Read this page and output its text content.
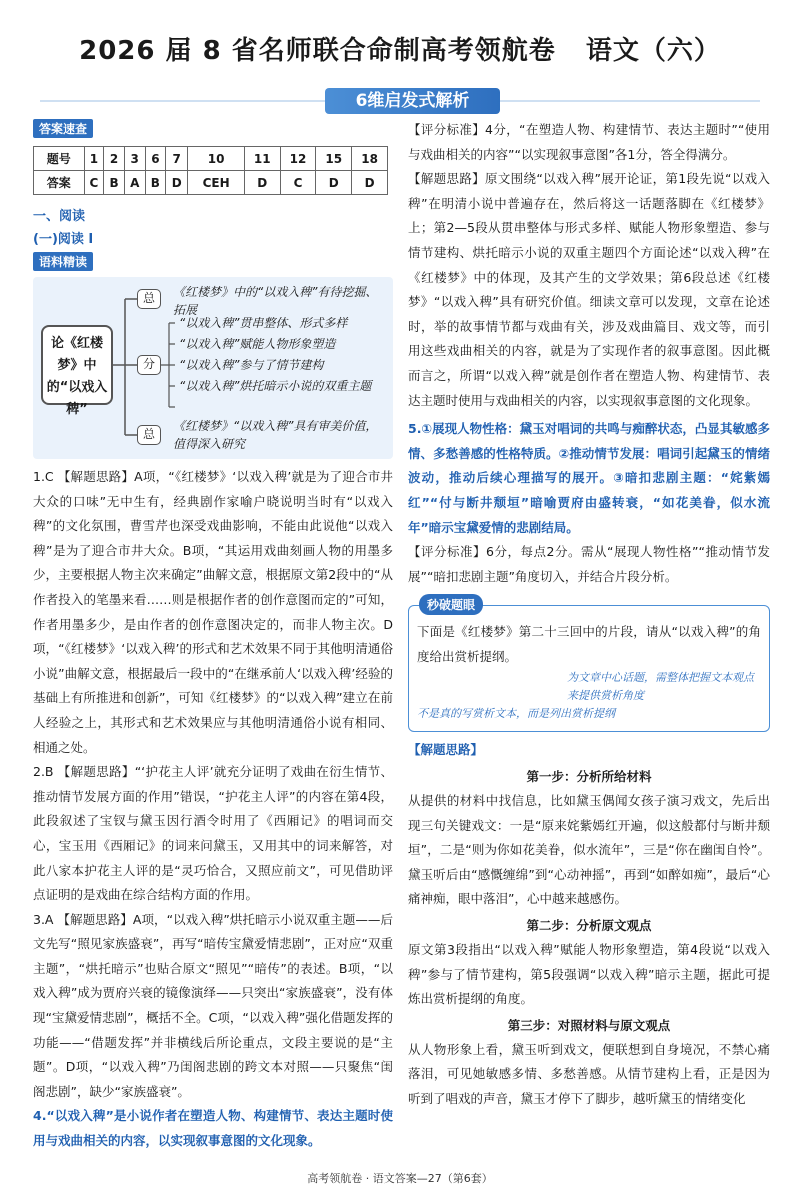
2026 届 8 省名师联合命制高考领航卷   语文（六）
6维启发式解析
答案速查
题号	1	2	3	6	7	10	11	12	15	18
答案	C	B	A	B	D	CEH	D	C	D	D
一、阅读
(一)阅读 I
语料精读
论《红楼梦》中的“以戏入稗”
总
分
总
《红楼梦》中的“以戏入稗”有待挖掘、拓展
“以戏入稗”贯串整体、形式多样
“以戏入稗”赋能人物形象塑造
“以戏入稗”参与了情节建构
“以戏入稗”烘托暗示小说的双重主题
《红楼梦》“以戏入稗”具有审美价值，值得深入研究
1.C 【解题思路】A项，“《红楼梦》‘以戏入稗’就是为了迎合市井大众的口味”无中生有，经典剧作家喻户晓说明当时有“以戏入稗”的文化氛围，曹雪芹也深受戏曲影响，不能由此说他“以戏入稗”是为了迎合市井大众。B项，“其运用戏曲刻画人物的用墨多少，主要根据人物主次来确定”曲解文意，根据原文第2段中的“从作者投入的笔墨来看……则是根据作者的创作意图而定的”可知，作者用墨多少，是由作者的创作意图决定的，而非人物主次。D项，“《红楼梦》‘以戏入稗’的形式和艺术效果不同于其他明清通俗小说”曲解文意，根据最后一段中的“在继承前人‘以戏入稗’经验的基础上有所推进和创新”，可知《红楼梦》的“以戏入稗”建立在前人经验之上，其形式和艺术效果应与其他明清通俗小说有相同、相通之处。
2.B 【解题思路】“‘护花主人评’就充分证明了戏曲在衍生情节、推动情节发展方面的作用”错误，“护花主人评”的内容在第4段，此段叙述了宝钗与黛玉因行酒令时用了《西厢记》的唱词而交心，宝玉用《西厢记》的词来问黛玉，又用其中的词来解答，对此八家本护花主人评的是“灵巧恰合，又照应前文”，可见借助评点证明的是戏曲在综合结构方面的作用。
3.A 【解题思路】A项，“以戏入稗”烘托暗示小说双重主题——后文先写“照见家族盛衰”，再写“暗传宝黛爱情悲剧”，正对应“双重主题”，“烘托暗示”也贴合原文“照见”“暗传”的表述。B项，“以戏入稗”成为贾府兴衰的镜像演绎——只突出“家族盛衰”，没有体现“宝黛爱情悲剧”，概括不全。C项，“以戏入稗”强化借题发挥的功能——“借题发挥”并非横线后所论重点，文段主要说的是“主题”。D项，“以戏入稗”乃闺阁悲剧的跨文本对照——只聚焦“闺阁悲剧”，缺少“家族盛衰”。
4.“以戏入稗”是小说作者在塑造人物、构建情节、表达主题时使用与戏曲相关的内容，以实现叙事意图的文化现象。
【评分标准】4分，“在塑造人物、构建情节、表达主题时”“使用与戏曲相关的内容”“以实现叙事意图”各1分，答全得满分。
【解题思路】原文围绕“以戏入稗”展开论证，第1段先说“以戏入稗”在明清小说中普遍存在，然后将这一话题落脚在《红楼梦》上；第2—5段从贯串整体与形式多样、赋能人物形象塑造、参与情节建构、烘托暗示小说的双重主题四个方面论述“以戏入稗”在《红楼梦》中的体现，及其产生的文学效果；第6段总述《红楼梦》“以戏入稗”具有研究价值。细读文章可以发现，文章在论述时，举的故事情节都与戏曲有关，涉及戏曲篇目、戏文等，而引用这些戏曲相关的内容，就是为了实现作者的叙事意图。因此概而言之，所谓“以戏入稗”就是创作者在塑造人物、构建情节、表达主题时使用与戏曲相关的内容，以实现叙事意图的文化现象。
5.①展现人物性格：黛玉对唱词的共鸣与痴醉状态，凸显其敏感多情、多愁善感的性格特质。②推动情节发展：唱词引起黛玉的情绪波动，推动后续心理描写的展开。③暗扣悲剧主题：“姹紫嫣红”“付与断井颓垣”暗喻贾府由盛转衰，“如花美眷，似水流年”暗示宝黛爱情的悲剧结局。
【评分标准】6分，每点2分。需从“展现人物性格”“推动情节发展”“暗扣悲剧主题”角度切入，并结合片段分析。
秒破题眼
下面是《红楼梦》第二十三回中的片段，请从“以戏入稗”的角度给出赏析提纲。
为文章中心话题，需整体把握文本观点来提供赏析角度
不是真的写赏析文本，而是列出赏析提纲
【解题思路】
第一步：分析所给材料
从提供的材料中找信息，比如黛玉偶闻女孩子演习戏文，先后出现三句关键戏文：一是“原来姹紫嫣红开遍，似这般都付与断井颓垣”，二是“则为你如花美眷，似水流年”，三是“你在幽闺自怜”。黛玉听后由“感慨缠绵”到“心动神摇”，再到“如醉如痴”，最后“心痛神痴，眼中落泪”，心中越来越感伤。
第二步：分析原文观点
原文第3段指出“以戏入稗”赋能人物形象塑造，第4段说“以戏入稗”参与了情节建构，第5段强调“以戏入稗”暗示主题，据此可提炼出赏析提纲的角度。
第三步：对照材料与原文观点
从人物形象上看，黛玉听到戏文，便联想到自身境况，不禁心痛落泪，可见她敏感多情、多愁善感。从情节建构上看，正是因为听到了唱戏的声音，黛玉才停下了脚步，越听黛玉的情绪变化
高考领航卷 · 语文答案—27（第6套）
